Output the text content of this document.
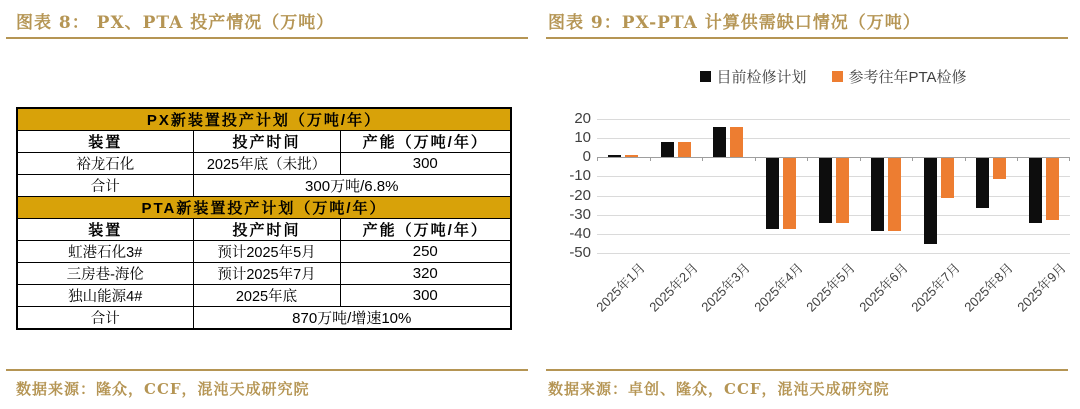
图表 8： PX、PTA 投产情况（万吨）
PX新装置投产计划（万吨/年）		
装置	投产时间	产能（万吨/年）
裕龙石化	2025年底（未批）	300
合计	300万吨/6.8%	
PTA新装置投产计划（万吨/年）		
装置	投产时间	产能（万吨/年）
虹港石化3#	预计2025年5月	250
三房巷-海伦	预计2025年7月	320
独山能源4#	2025年底	300
合计	870万吨/增速10%	
数据来源：隆众，CCF，混沌天成研究院
图表 9：PX-PTA 计算供需缺口情况（万吨）
目前检修计划	参考往年PTA检修
20
10
0
-10
-20
-30
-40
-50
2025年1月
2025年2月
2025年3月
2025年4月
2025年5月
2025年6月
2025年7月
2025年8月
2025年9月
数据来源：卓创、隆众，CCF，混沌天成研究院
